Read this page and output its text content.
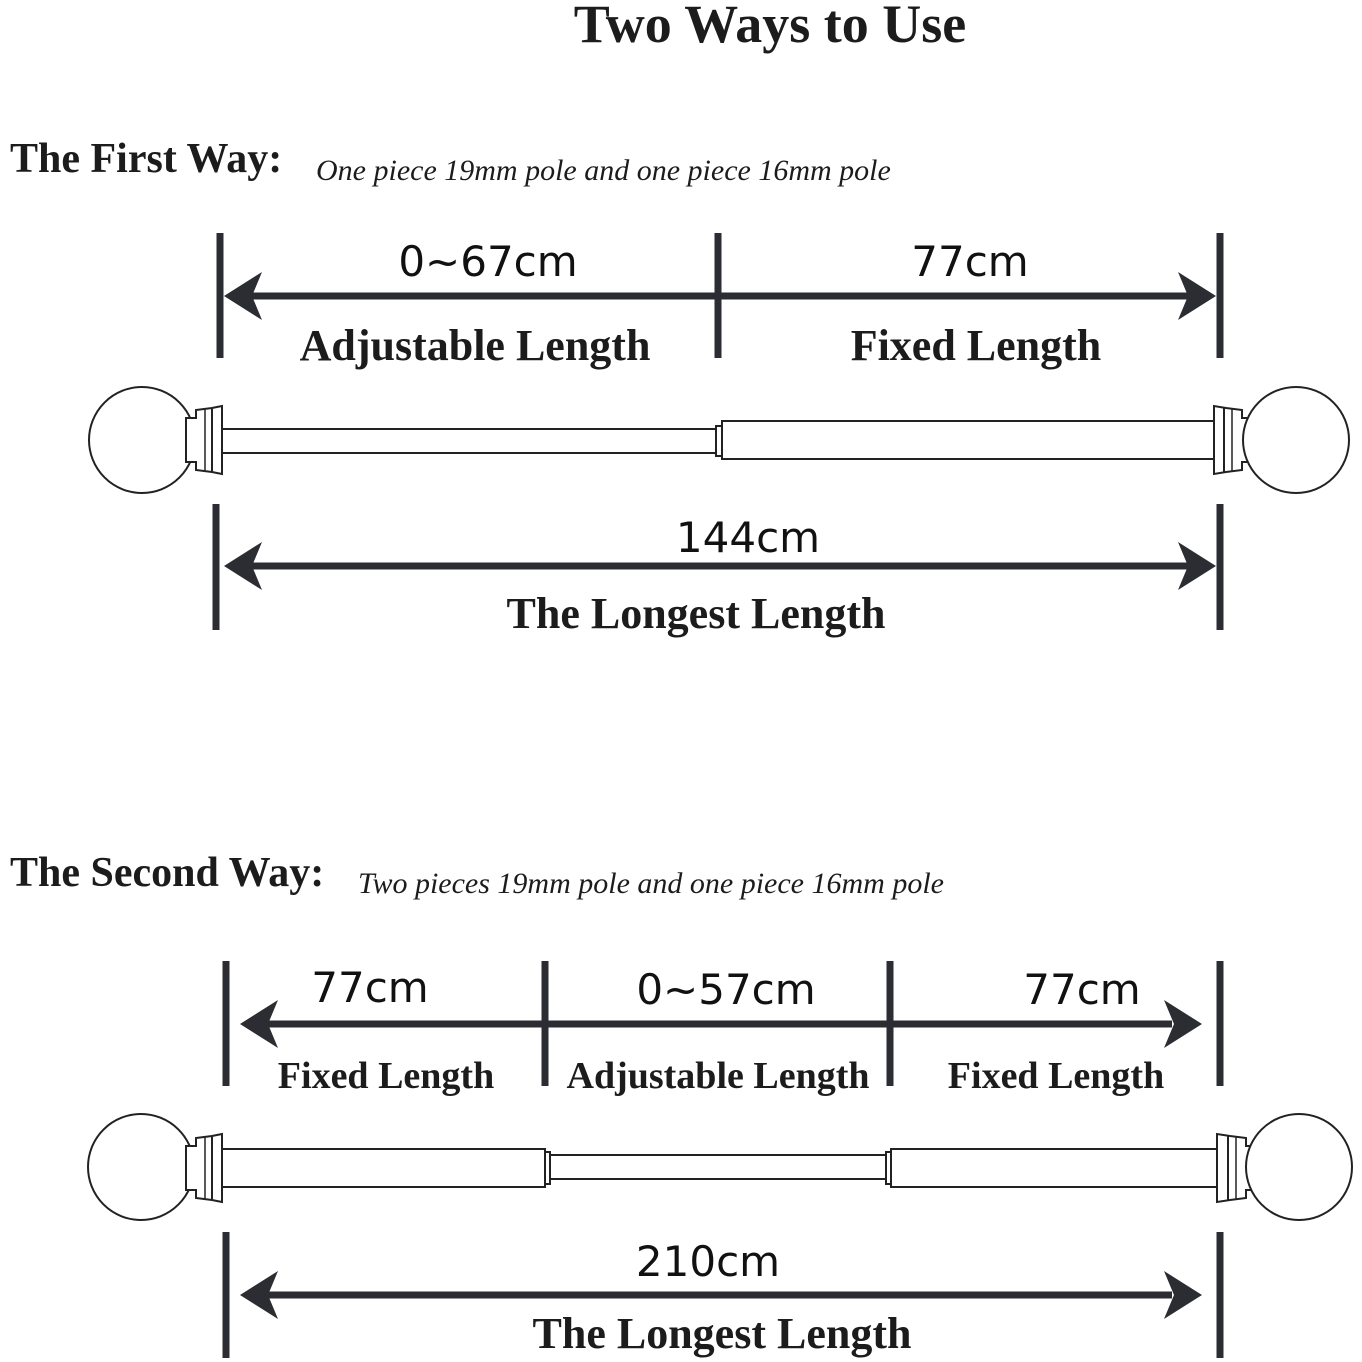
Two Ways to Use
The First Way: One piece 19mm pole and one piece 16mm pole
0~67cm
Adjustable Length
77cm
Fixed Length
144cm
The Longest Length
The Second Way: Two pieces 19mm pole and one piece 16mm pole
77cm
Fixed Length
0~57cm
Adjustable Length
77cm
Fixed Length
210cm
The Longest Length
